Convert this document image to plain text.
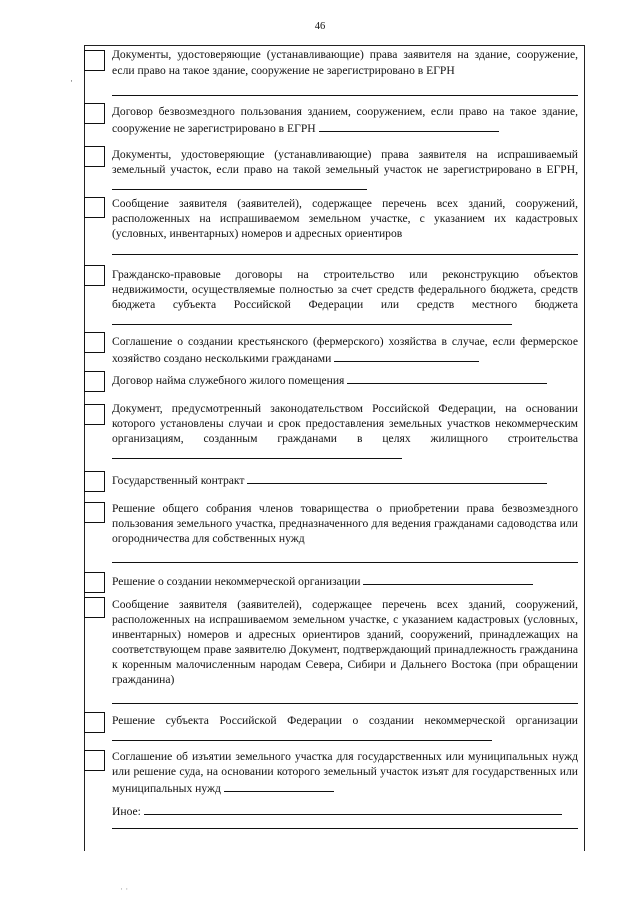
46
·
Документы, удостоверяющие (устанавливающие) права заявителя на здание, сооружение, если право на такое здание, сооружение не зарегистрировано в ЕГРН
Договор безвозмездного пользования зданием, сооружением, если право на такое здание, сооружение не зарегистрировано в ЕГРН
Документы, удостоверяющие (устанавливающие) права заявителя на испрашиваемый земельный участок, если право на такой земельный участок не зарегистрировано в ЕГРН,
Сообщение заявителя (заявителей), содержащее перечень всех зданий, сооружений, расположенных на испрашиваемом земельном участке, с указанием их кадастровых (условных, инвентарных) номеров и адресных ориентиров
Гражданско-правовые договоры на строительство или реконструкцию объектов недвижимости, осуществляемые полностью за счет средств федерального бюджета, средств бюджета субъекта Российской Федерации или средств местного бюджета
Соглашение о создании крестьянского (фермерского) хозяйства в случае, если фермерское хозяйство создано несколькими гражданами
Договор найма служебного жилого помещения
Документ, предусмотренный законодательством Российской Федерации, на основании которого установлены случаи и срок предоставления земельных участков некоммерческим организациям, созданным гражданами в целях жилищного строительства
Государственный контракт
Решение общего собрания членов товарищества о приобретении права безвозмездного пользования земельного участка, предназначенного для ведения гражданами садоводства или огородничества для собственных нужд
Решение о создании некоммерческой организации
Сообщение заявителя (заявителей), содержащее перечень всех зданий, сооружений, расположенных на испрашиваемом земельном участке, с указанием кадастровых (условных, инвентарных) номеров и адресных ориентиров зданий, сооружений, принадлежащих на соответствующем праве заявителю Документ, подтверждающий принадлежность гражданина к коренным малочисленным народам Севера, Сибири и Дальнего Востока (при обращении гражданина)
Решение субъекта Российской Федерации о создании некоммерческой организации
Соглашение об изъятии земельного участка для государственных или муниципальных нужд или решение суда, на основании которого земельный участок изъят для государственных или муниципальных нужд
Иное:
· ·
